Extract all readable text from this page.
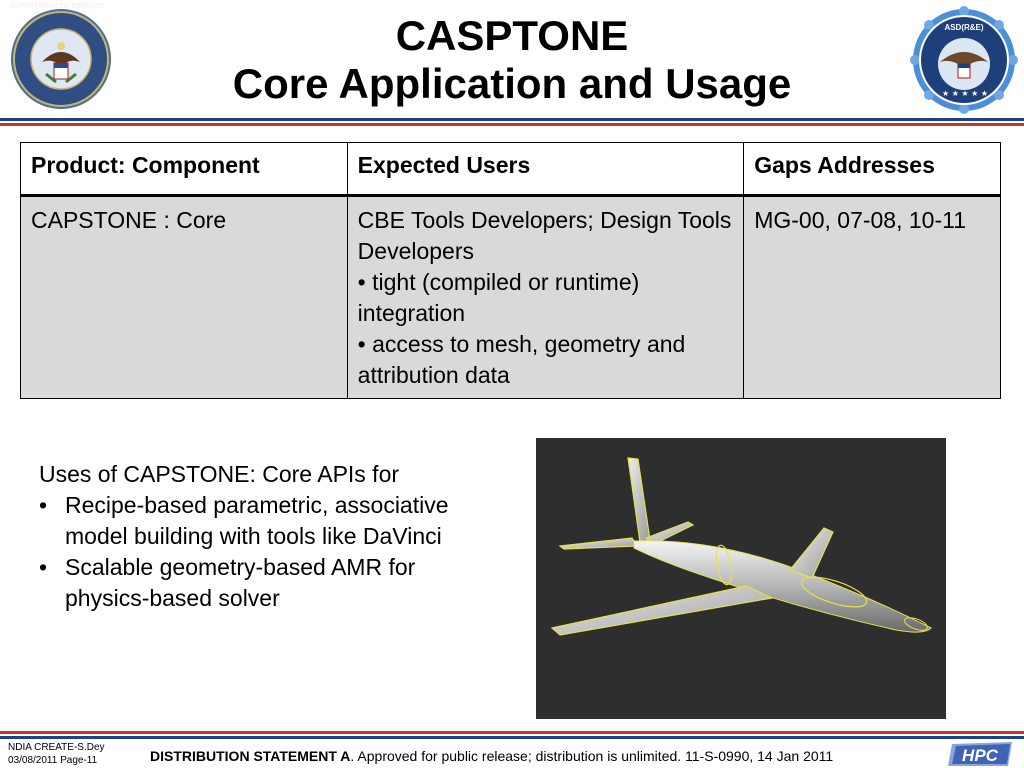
DEPARTMENT OF DEFENSE
CASPTONE
Core Application and Usage
ASD(R&E)
★ ★ ★ ★ ★
Product: Component	Expected Users	Gaps Addresses
CAPSTONE : Core	CBE Tools Developers; Design Tools Developers
• tight (compiled or runtime) integration
• access to mesh, geometry and attribution data	MG-00, 07-08, 10-11
Uses of CAPSTONE: Core APIs for
• Recipe-based parametric, associative model building with tools like DaVinci
• Scalable geometry-based AMR for physics-based solver
NDIA CREATE-S.Dey
03/08/2011 Page-11	DISTRIBUTION STATEMENT A. Approved for public release; distribution is unlimited. 11-S-0990, 14 Jan 2011	HPC
